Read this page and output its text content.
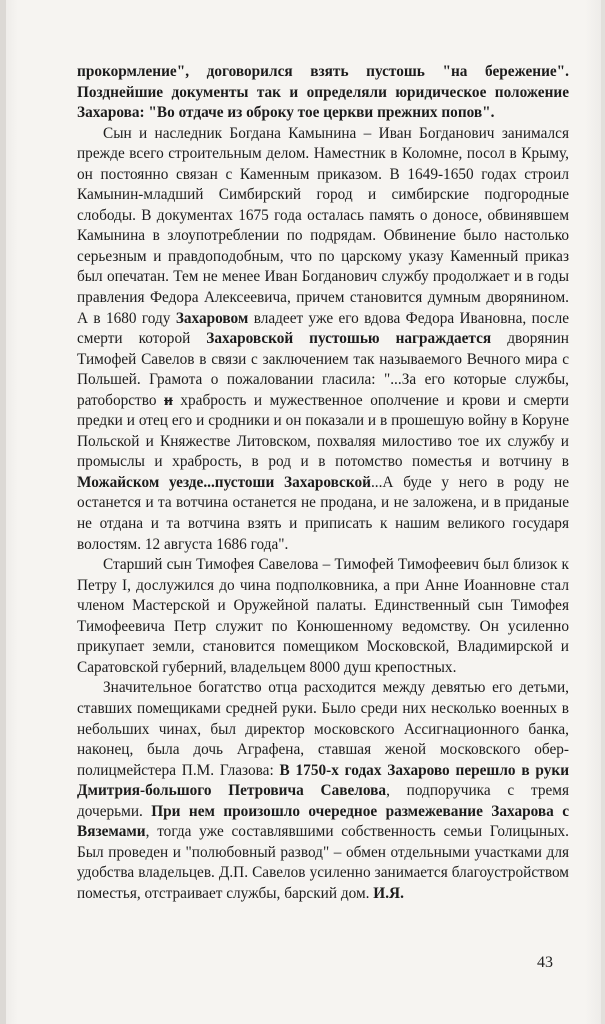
прокормление", договорился взять пустошь "на бережение". Позднейшие документы так и определяли юридическое положение Захарова: "Во отдаче из оброку тое церкви прежних попов".

Сын и наследник Богдана Камынина – Иван Богданович занимался прежде всего строительным делом. Наместник в Коломне, посол в Крыму, он постоянно связан с Каменным приказом. В 1649-1650 годах строил Камынин-младший Симбирский город и симбирские подгородные слободы. В документах 1675 года осталась память о доносе, обвинявшем Камынина в злоупотреблении по подрядам. Обвинение было настолько серьезным и правдоподобным, что по царскому указу Каменный приказ был опечатан. Тем не менее Иван Богданович службу продолжает и в годы правления Федора Алексеевича, причем становится думным дворянином. А в 1680 году Захаровом владеет уже его вдова Федора Ивановна, после смерти которой Захаровской пустошью награждается дворянин Тимофей Савелов в связи с заключением так называемого Вечного мира с Польшей. Грамота о пожаловании гласила: "...За его которые службы, ратоборство и храбрость и мужественное ополчение и крови и смерти предки и отец его и сродники и он показали и в прошешую войну в Коруне Польской и Княжестве Литовском, похваляя милостиво тое их службу и промыслы и храбрость, в род и в потомство поместья и вотчину в Можайском уезде...пустоши Захаровской...А буде у него в роду не останется и та вотчина останется не продана, и не заложена, и в приданые не отдана и та вотчина взять и приписать к нашим великого государя волостям. 12 августа 1686 года".

Старший сын Тимофея Савелова – Тимофей Тимофеевич был близок к Петру I, дослужился до чина подполковника, а при Анне Иоанновне стал членом Мастерской и Оружейной палаты. Единственный сын Тимофея Тимофеевича Петр служит по Конюшенному ведомству. Он усиленно прикупает земли, становится помещиком Московской, Владимирской и Саратовской губерний, владельцем 8000 душ крепостных.

Значительное богатство отца расходится между девятью его детьми, ставших помещиками средней руки. Было среди них несколько военных в небольших чинах, был директор московского Ассигнационного банка, наконец, была дочь Аграфена, ставшая женой московского обер-полицмейстера П.М. Глазова: В 1750-х годах Захарово перешло в руки Дмитрия-большого Петровича Савелова, подпоручика с тремя дочерьми. При нем произошло очередное размежевание Захарова с Вяземами, тогда уже составлявшими собственность семьи Голицыных. Был проведен и "полюбовный развод" – обмен отдельными участками для удобства владельцев. Д.П. Савелов усиленно занимается благоустройством поместья, отстраивает службы, барский дом. И.Я.

43
